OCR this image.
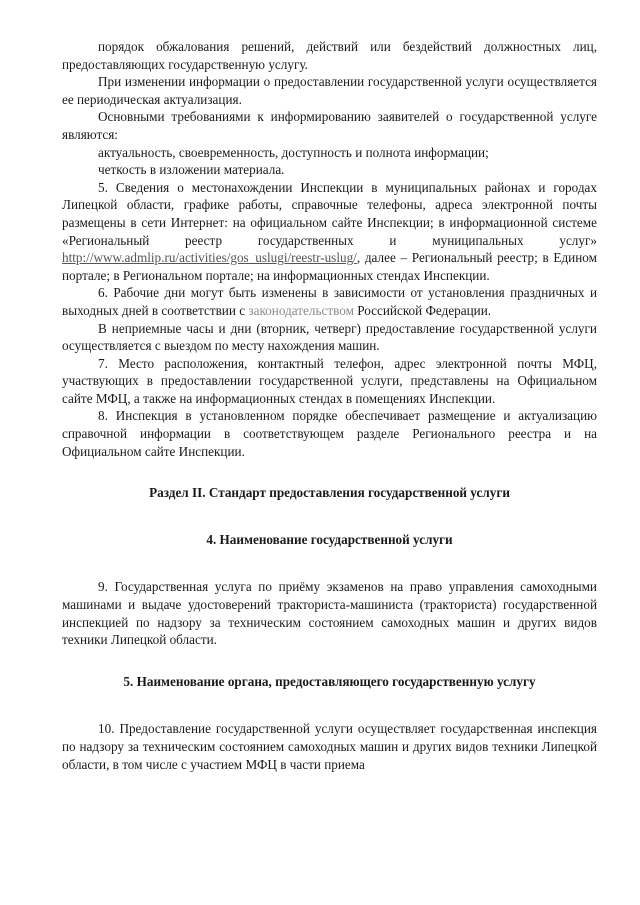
порядок обжалования решений, действий или бездействий должностных лиц, предоставляющих государственную услугу.

При изменении информации о предоставлении государственной услуги осуществляется ее периодическая актуализация.

Основными требованиями к информированию заявителей о государственной услуге являются:

актуальность, своевременность, доступность и полнота информации;

четкость в изложении материала.

5. Сведения о местонахождении Инспекции в муниципальных районах и городах Липецкой области, графике работы, справочные телефоны, адреса электронной почты размещены в сети Интернет: на официальном сайте Инспекции; в информационной системе «Региональный реестр государственных и муниципальных услуг» http://www.admlip.ru/activities/gos_uslugi/reestr-uslug/, далее – Региональный реестр; в Едином портале; в Региональном портале; на информационных стендах Инспекции.

6. Рабочие дни могут быть изменены в зависимости от установления праздничных и выходных дней в соответствии с законодательством Российской Федерации.

В неприемные часы и дни (вторник, четверг) предоставление государственной услуги осуществляется с выездом по месту нахождения машин.

7. Место расположения, контактный телефон, адрес электронной почты МФЦ, участвующих в предоставлении государственной услуги, представлены на Официальном сайте МФЦ, а также на информационных стендах в помещениях Инспекции.

8. Инспекция в установленном порядке обеспечивает размещение и актуализацию справочной информации в соответствующем разделе Регионального реестра и на Официальном сайте Инспекции.

Раздел II. Стандарт предоставления государственной услуги
4. Наименование государственной услуги

9. Государственная услуга по приёму экзаменов на право управления самоходными машинами и выдаче удостоверений тракториста-машиниста (тракториста) государственной инспекцией по надзору за техническим состоянием самоходных машин и других видов техники Липецкой области.

5. Наименование органа, предоставляющего государственную услугу

10. Предоставление государственной услуги осуществляет государственная инспекция по надзору за техническим состоянием самоходных машин и других видов техники Липецкой области, в том числе с участием МФЦ в части приема
